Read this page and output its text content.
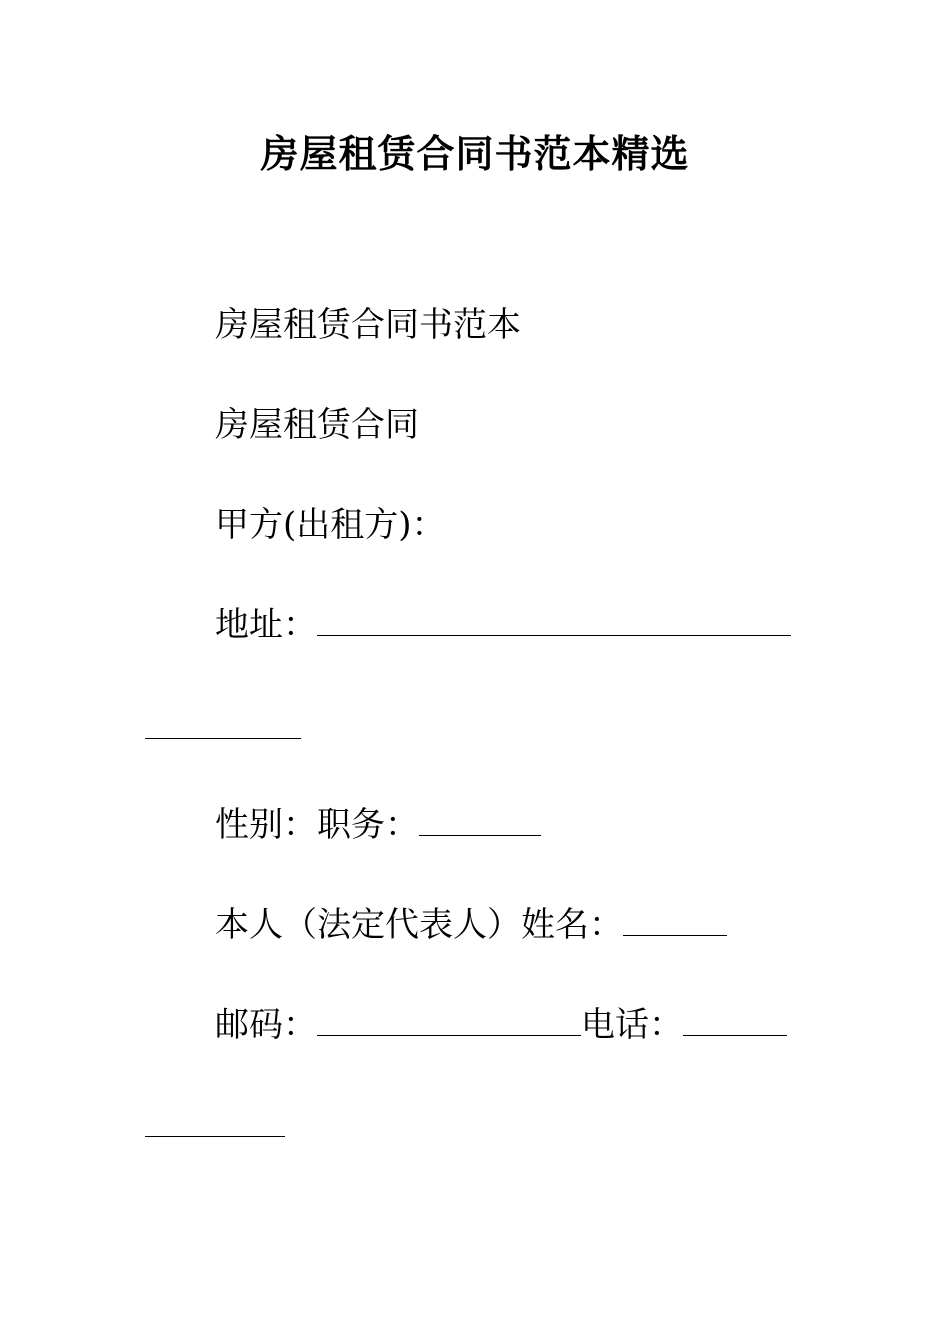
房屋租赁合同书范本精选
房屋租赁合同书范本
房屋租赁合同
甲方(出租方)：
地址：
性别：职务：
本人（法定代表人）姓名：
邮码：	电话：
